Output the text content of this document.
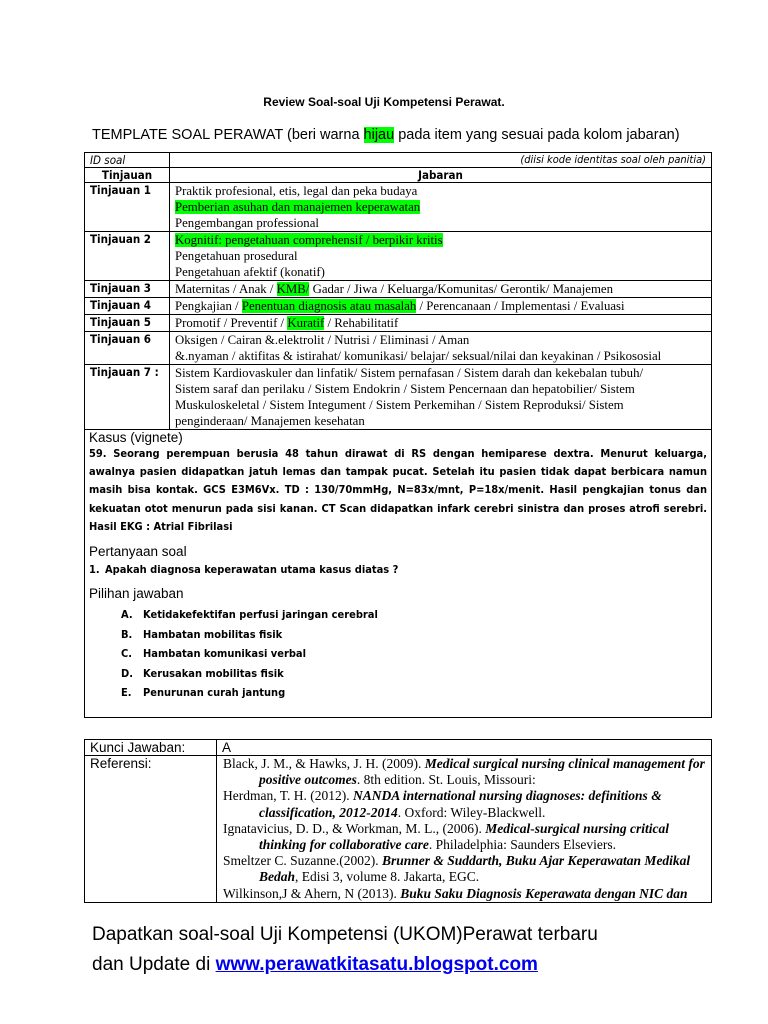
Review Soal-soal Uji Kompetensi Perawat.
TEMPLATE SOAL PERAWAT (beri warna hijau pada item yang sesuai pada kolom jabaran)
ID soal	(diisi kode identitas soal oleh panitia)
Tinjauan	Jabaran
Tinjauan 1	Praktik profesional, etis, legal dan peka budaya
Pemberian asuhan dan manajemen keperawatan
Pengembangan professional

Tinjauan 2	Kognitif: pengetahuan comprehensif / berpikir kritis
Pengetahuan prosedural
Pengetahuan afektif (konatif)

Tinjauan 3	Maternitas / Anak / KMB/ Gadar / Jiwa / Keluarga/Komunitas/ Gerontik/ Manajemen

Tinjauan 4	Pengkajian / Penentuan diagnosis atau masalah / Perencanaan / Implementasi / Evaluasi

Tinjauan 5	Promotif / Preventif / Kuratif / Rehabilitatif

Tinjauan 6	Oksigen / Cairan &.elektrolit / Nutrisi / Eliminasi / Aman
&.nyaman / aktifitas & istirahat/ komunikasi/ belajar/ seksual/nilai dan keyakinan / Psikososial

Tinjauan 7 :	Sistem Kardiovaskuler dan linfatik/ Sistem pernafasan / Sistem darah dan kekebalan tubuh/
Sistem saraf dan perilaku / Sistem Endokrin / Sistem Pencernaan dan hepatobilier/ Sistem
Muskuloskeletal / Sistem Integument / Sistem Perkemihan / Sistem Reproduksi/ Sistem
penginderaan/ Manajemen kesehatan
Kasus (vignete)

59. Seorang perempuan berusia 48 tahun dirawat di RS dengan hemiparese dextra. Menurut keluarga, awalnya pasien didapatkan jatuh lemas dan tampak pucat. Setelah itu pasien tidak dapat berbicara namun masih bisa kontak. GCS E3M6Vx. TD : 130/70mmHg, N=83x/mnt, P=18x/menit. Hasil pengkajian tonus dan kekuatan otot menurun pada sisi kanan. CT Scan didapatkan infark cerebri sinistra dan proses atrofi serebri. Hasil EKG : Atrial Fibrilasi

Pertanyaan soal
1. Apakah diagnosa keperawatan utama kasus diatas ?
Pilihan jawaban
A. Ketidakefektifan perfusi jaringan cerebral
B. Hambatan mobilitas fisik
C. Hambatan komunikasi verbal
D. Kerusakan mobilitas fisik
E. Penurunan curah jantung
Kunci Jawaban:	A
Referensi:	Black, J. M., & Hawks, J. H. (2009). Medical surgical nursing clinical management for positive outcomes. 8th edition. St. Louis, Missouri:
Herdman, T. H. (2012). NANDA international nursing diagnoses: definitions & classification, 2012-2014. Oxford: Wiley-Blackwell.
Ignatavicius, D. D., & Workman, M. L., (2006). Medical-surgical nursing critical thinking for collaborative care. Philadelphia: Saunders Elseviers.
Smeltzer C. Suzanne.(2002). Brunner & Suddarth, Buku Ajar Keperawatan Medikal Bedah, Edisi 3, volume 8. Jakarta, EGC.
Wilkinson,J & Ahern, N (2013). Buku Saku Diagnosis Keperawata dengan NIC dan
Dapatkan soal-soal Uji Kompetensi (UKOM)Perawat terbaru
dan Update di www.perawatkitasatu.blogspot.com
